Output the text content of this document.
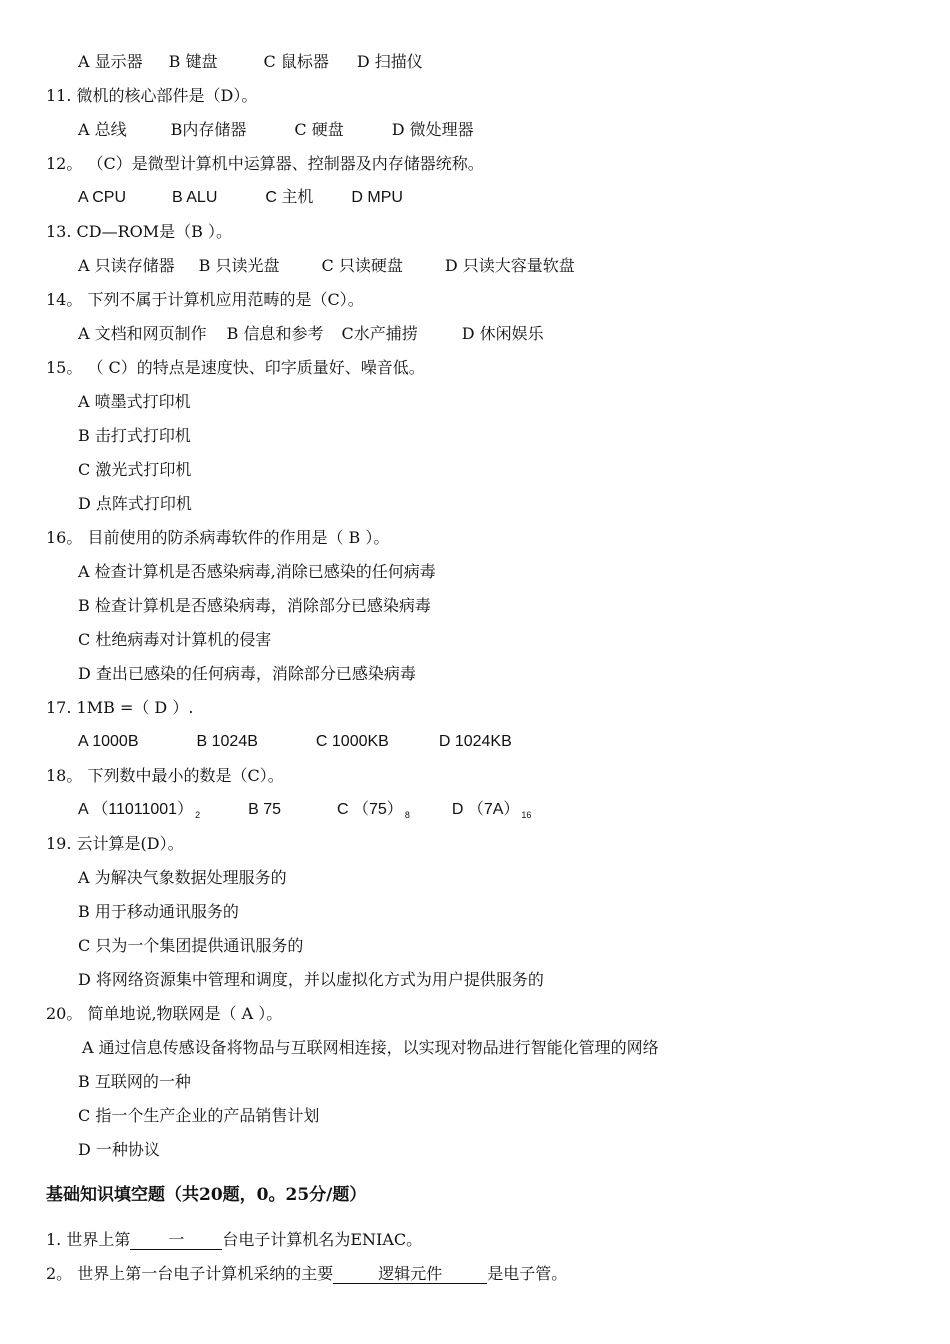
A 显示器 B 键盘	C 鼠标器 D 扫描仪
11. 微机的核心部件是（D）。
A 总线	B内存储器	C 硬盘	D 微处理器
12。 （C）是微型计算机中运算器、控制器及内存储器统称。
A CPU	B ALU	C 主机 D MPU
13. CD—ROM是（B ）。
A 只读存储器 B 只读光盘	C 只读硬盘	D 只读大容量软盘
14。 下列不属于计算机应用范畴的是（C）。
A 文档和网页制作 B 信息和参考 C水产捕捞	D 休闲娱乐
15。 （ C）的特点是速度快、印字质量好、噪音低。
A 喷墨式打印机
B 击打式打印机
C 激光式打印机
D 点阵式打印机
16。 目前使用的防杀病毒软件的作用是（ B ）。
A 检查计算机是否感染病毒,消除已感染的任何病毒
B 检查计算机是否感染病毒，消除部分已感染病毒
C 杜绝病毒对计算机的侵害
D 查出已感染的任何病毒，消除部分已感染病毒
17. 1MB =（ D ）.
A 1000B	B 1024B	C 1000KB	D 1024KB
18。 下列数中最小的数是（C）。
A （11011001） $_2$	B 75	C （75） $_8$	D （7A） $_{16}$
19. 云计算是(D）。
A 为解决气象数据处理服务的
B 用于移动通讯服务的
C 只为一个集团提供通讯服务的
D 将网络资源集中管理和调度，并以虚拟化方式为用户提供服务的
20。 简单地说,物联网是（ A ）。
A 通过信息传感设备将物品与互联网相连接，以实现对物品进行智能化管理的网络
B 互联网的一种
C 指一个生产企业的产品销售计划
D 一种协议
基础知识填空题（共20题，0。25分/题）
1. 世界上第 一 台电子计算机名为ENIAC。
2。 世界上第一台电子计算机采纳的主要	逻辑元件	是电子管。
